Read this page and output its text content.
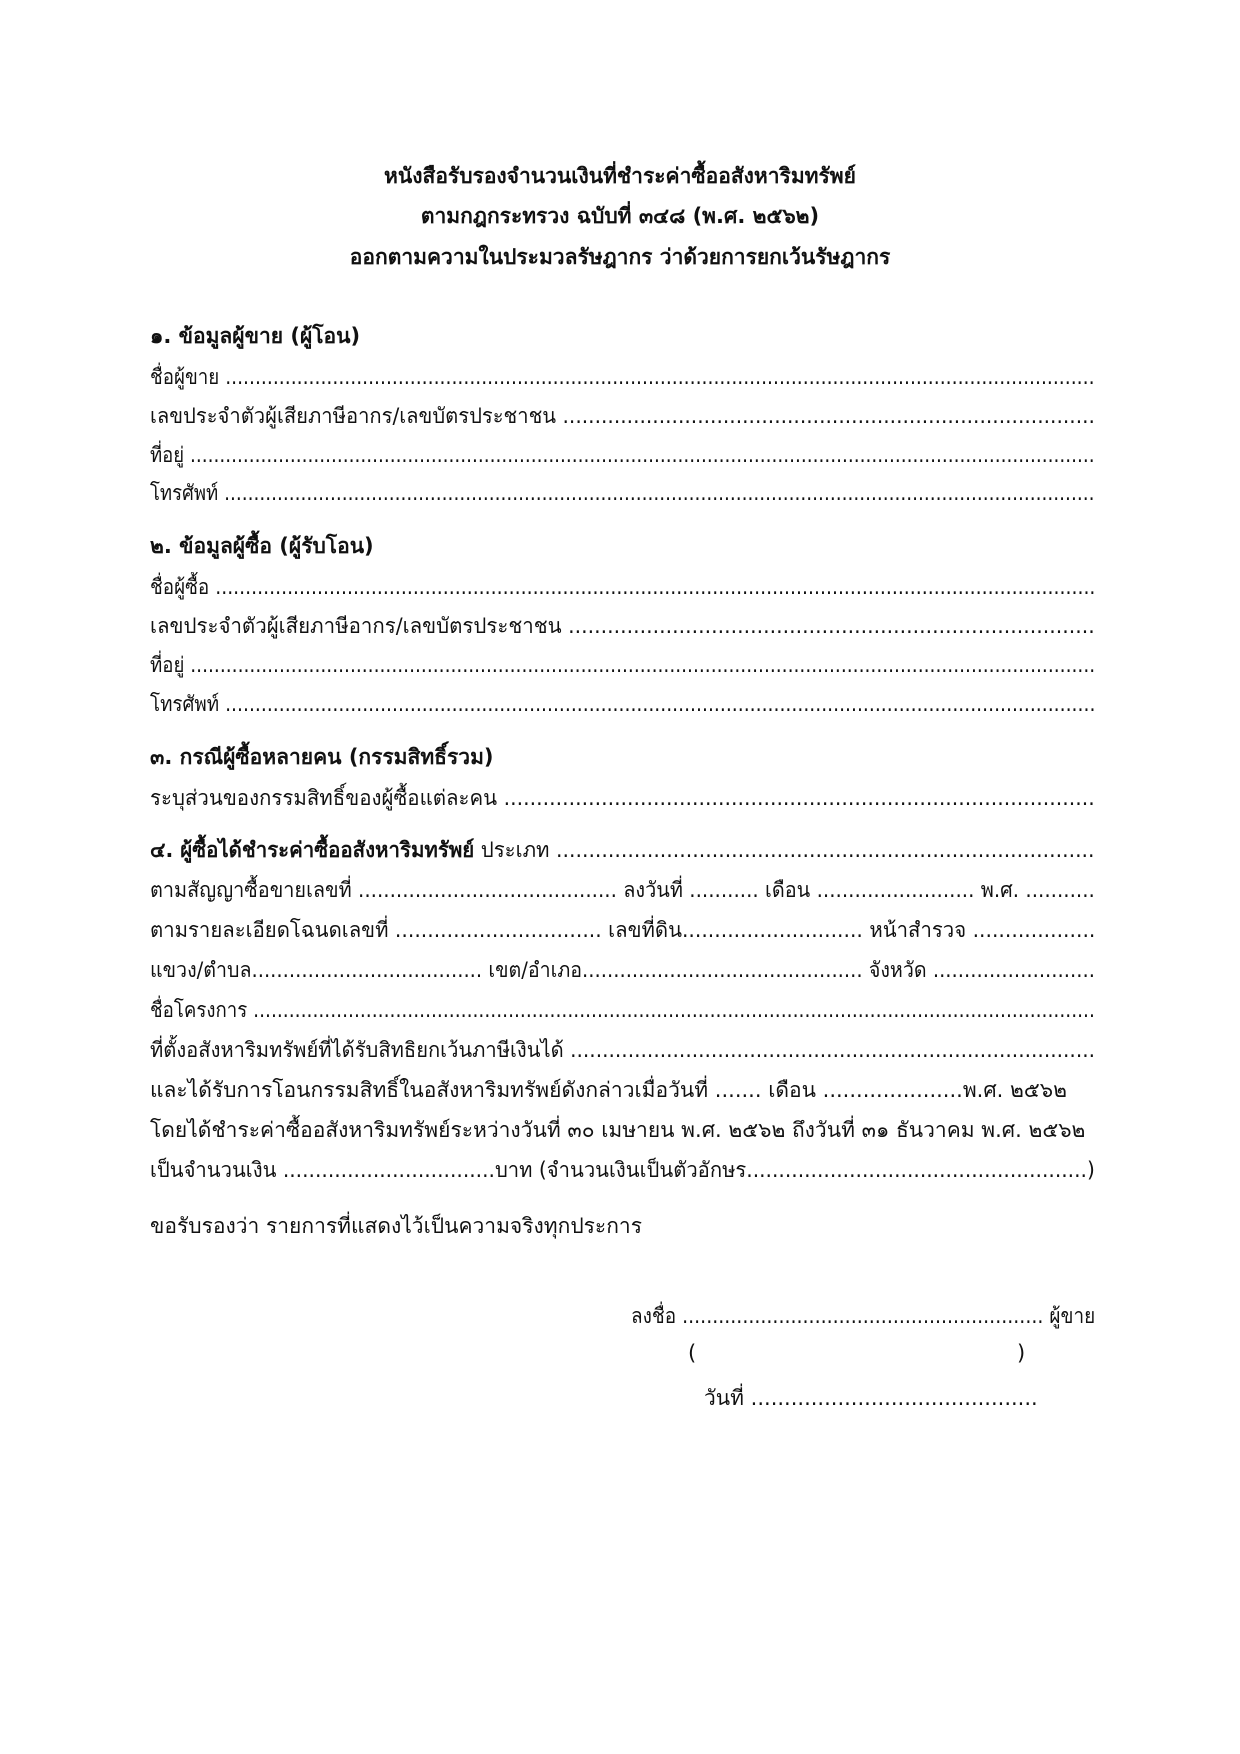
หนังสือรับรองจำนวนเงินที่ชำระค่าซื้ออสังหาริมทรัพย์
ตามกฎกระทรวง ฉบับที่ ๓๔๘ (พ.ศ. ๒๕๖๒)
ออกตามความในประมวลรัษฎากร ว่าด้วยการยกเว้นรัษฎากร
๑. ข้อมูลผู้ขาย (ผู้โอน)
ชื่อผู้ขาย ..................................................................................................................................................
เลขประจำตัวผู้เสียภาษีอากร/เลขบัตรประชาชน ...................................................................................
ที่อยู่ ..........................................................................................................................................................
โทรศัพท์ ....................................................................................................................................................
๒. ข้อมูลผู้ซื้อ (ผู้รับโอน)
ชื่อผู้ซื้อ ...................................................................................................................................................
เลขประจำตัวผู้เสียภาษีอากร/เลขบัตรประชาชน .................................................................................
ที่อยู่ .........................................................................................................................................................
โทรศัพท์ ..................................................................................................................................................
๓. กรณีผู้ซื้อหลายคน (กรรมสิทธิ์รวม)
ระบุส่วนของกรรมสิทธิ์ของผู้ซื้อแต่ละคน ...........................................................................................
๔. ผู้ซื้อได้ชำระค่าซื้ออสังหาริมทรัพย์ ประเภท ...................................................................................
ตามสัญญาซื้อขายเลขที่ ......................................... ลงวันที่ ........... เดือน ......................... พ.ศ. ...........
ตามรายละเอียดโฉนดเลขที่ ................................ เลขที่ดิน............................ หน้าสำรวจ ...................
แขวง/ตำบล..................................... เขต/อำเภอ............................................. จังหวัด ..........................
ชื่อโครงการ ..............................................................................................................................................
ที่ตั้งอสังหาริมทรัพย์ที่ได้รับสิทธิยกเว้นภาษีเงินได้ ..................................................................................
และได้รับการโอนกรรมสิทธิ์ในอสังหาริมทรัพย์ดังกล่าวเมื่อวันที่ ....... เดือน .....................พ.ศ. ๒๕๖๒
โดยได้ชำระค่าซื้ออสังหาริมทรัพย์ระหว่างวันที่ ๓๐ เมษายน พ.ศ. ๒๕๖๒ ถึงวันที่ ๓๑ ธันวาคม พ.ศ. ๒๕๖๒
เป็นจำนวนเงิน .................................บาท (จำนวนเงินเป็นตัวอักษร.....................................................)
ขอรับรองว่า รายการที่แสดงไว้เป็นความจริงทุกประการ
ลงชื่อ ............................................................ ผู้ขาย
(	)
วันที่ ...........................................
